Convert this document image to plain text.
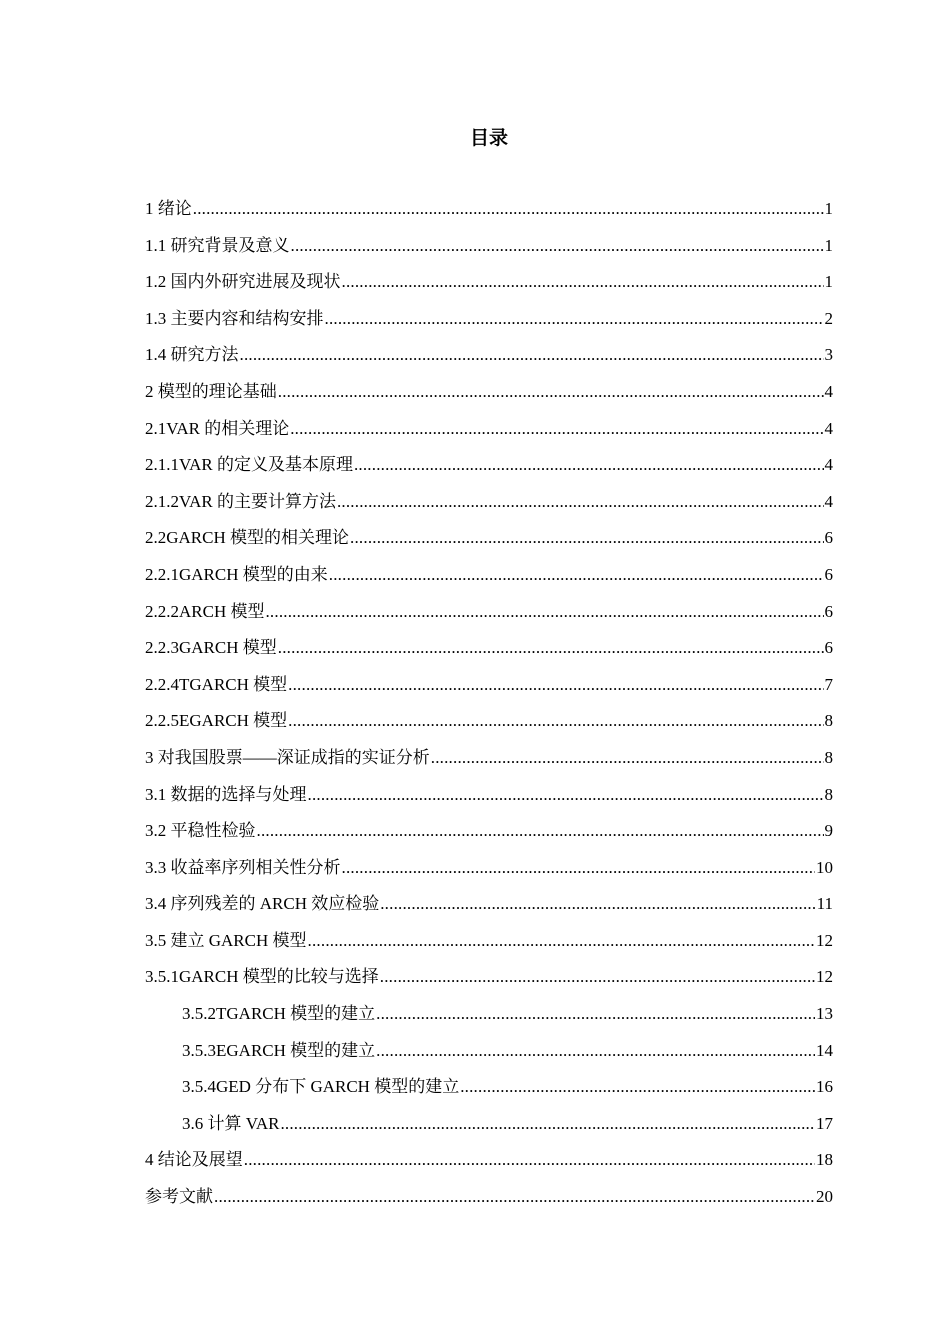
目录
1 绪论 .....	1
1.1 研究背景及意义 .....	1
1.2 国内外研究进展及现状 .....	1
1.3 主要内容和结构安排 .....	2
1.4 研究方法 .....	3
2 模型的理论基础 .....	4
2.1VAR 的相关理论 .....	4
2.1.1VAR 的定义及基本原理 .....	4
2.1.2VAR 的主要计算方法 .....	4
2.2GARCH 模型的相关理论 .....	6
2.2.1GARCH 模型的由来 .....	6
2.2.2ARCH 模型 .....	6
2.2.3GARCH 模型 .....	6
2.2.4TGARCH 模型 .....	7
2.2.5EGARCH 模型 .....	8
3 对我国股票——深证成指的实证分析 .....	8
3.1 数据的选择与处理 .....	8
3.2 平稳性检验 .....	9
3.3 收益率序列相关性分析 .....	10
3.4 序列残差的 ARCH 效应检验 .....	11
3.5 建立 GARCH 模型 .....	12
3.5.1GARCH 模型的比较与选择 .....	12
3.5.2TGARCH 模型的建立 .....	13
3.5.3EGARCH 模型的建立 .....	14
3.5.4GED 分布下 GARCH 模型的建立 .....	16
3.6 计算 VAR .....	17
4 结论及展望 .....	18
参考文献 .....	20
